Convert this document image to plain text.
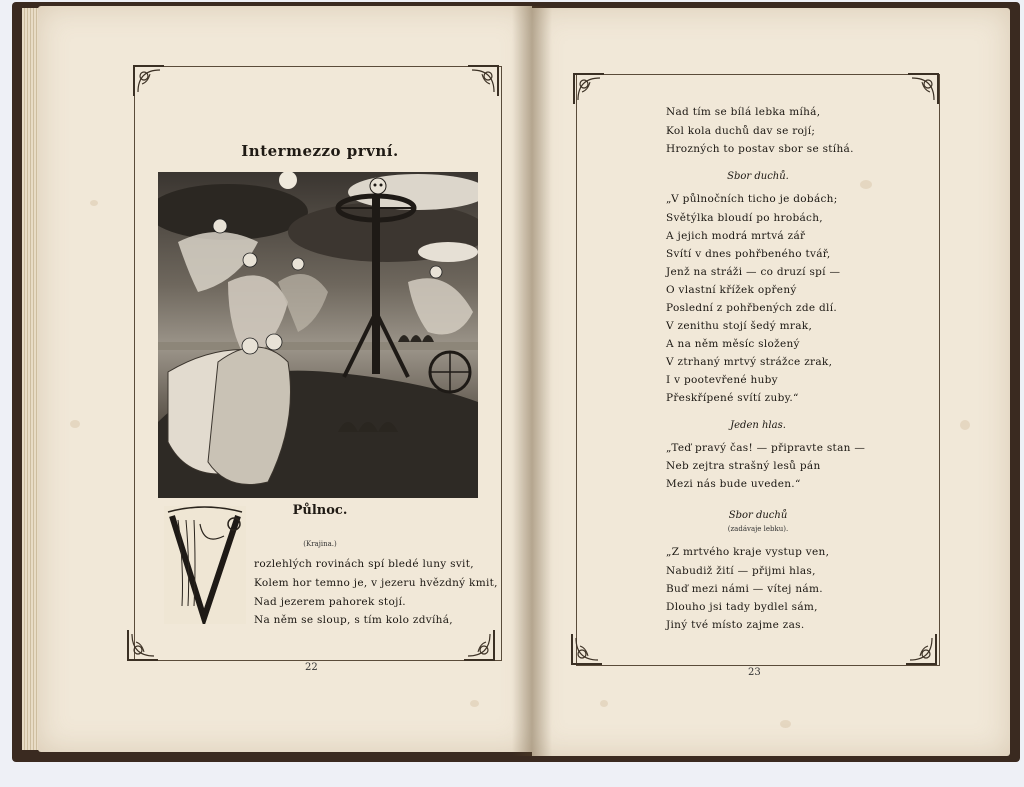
Intermezzo první.
Půlnoc.
(Krajina.)
V
rozlehlých rovinách spí bledé luny svit,
Kolem hor temno je, v jezeru hvězdný kmit,
Nad jezerem pahorek stojí.
Na něm se sloup, s tím kolo zdvíhá,
22
Nad tím se bílá lebka míhá,
Kol kola duchů dav se rojí;
Hrozných to postav sbor se stíhá.
Sbor duchů.
„V půlnočních ticho je dobách;
Světýlka bloudí po hrobách,
A jejich modrá mrtvá zář
Svítí v dnes pohřbeného tvář,
Jenž na stráži — co druzí spí —
O vlastní křížek opřený
Poslední z pohřbených zde dlí.
V zenithu stojí šedý mrak,
A na něm měsíc složený
V ztrhaný mrtvý strážce zrak,
I v pootevřené huby
Přeskřípené svítí zuby.“
Jeden hlas.
„Teď pravý čas! — připravte stan —
Neb zejtra strašný lesů pán
Mezi nás bude uveden.“
Sbor duchů
(zadávaje lebku).
„Z mrtvého kraje vystup ven,
Nabudiž žití — přijmi hlas,
Buď mezi námi — vítej nám.
Dlouho jsi tady bydlel sám,
Jiný tvé místo zajme zas.
23
